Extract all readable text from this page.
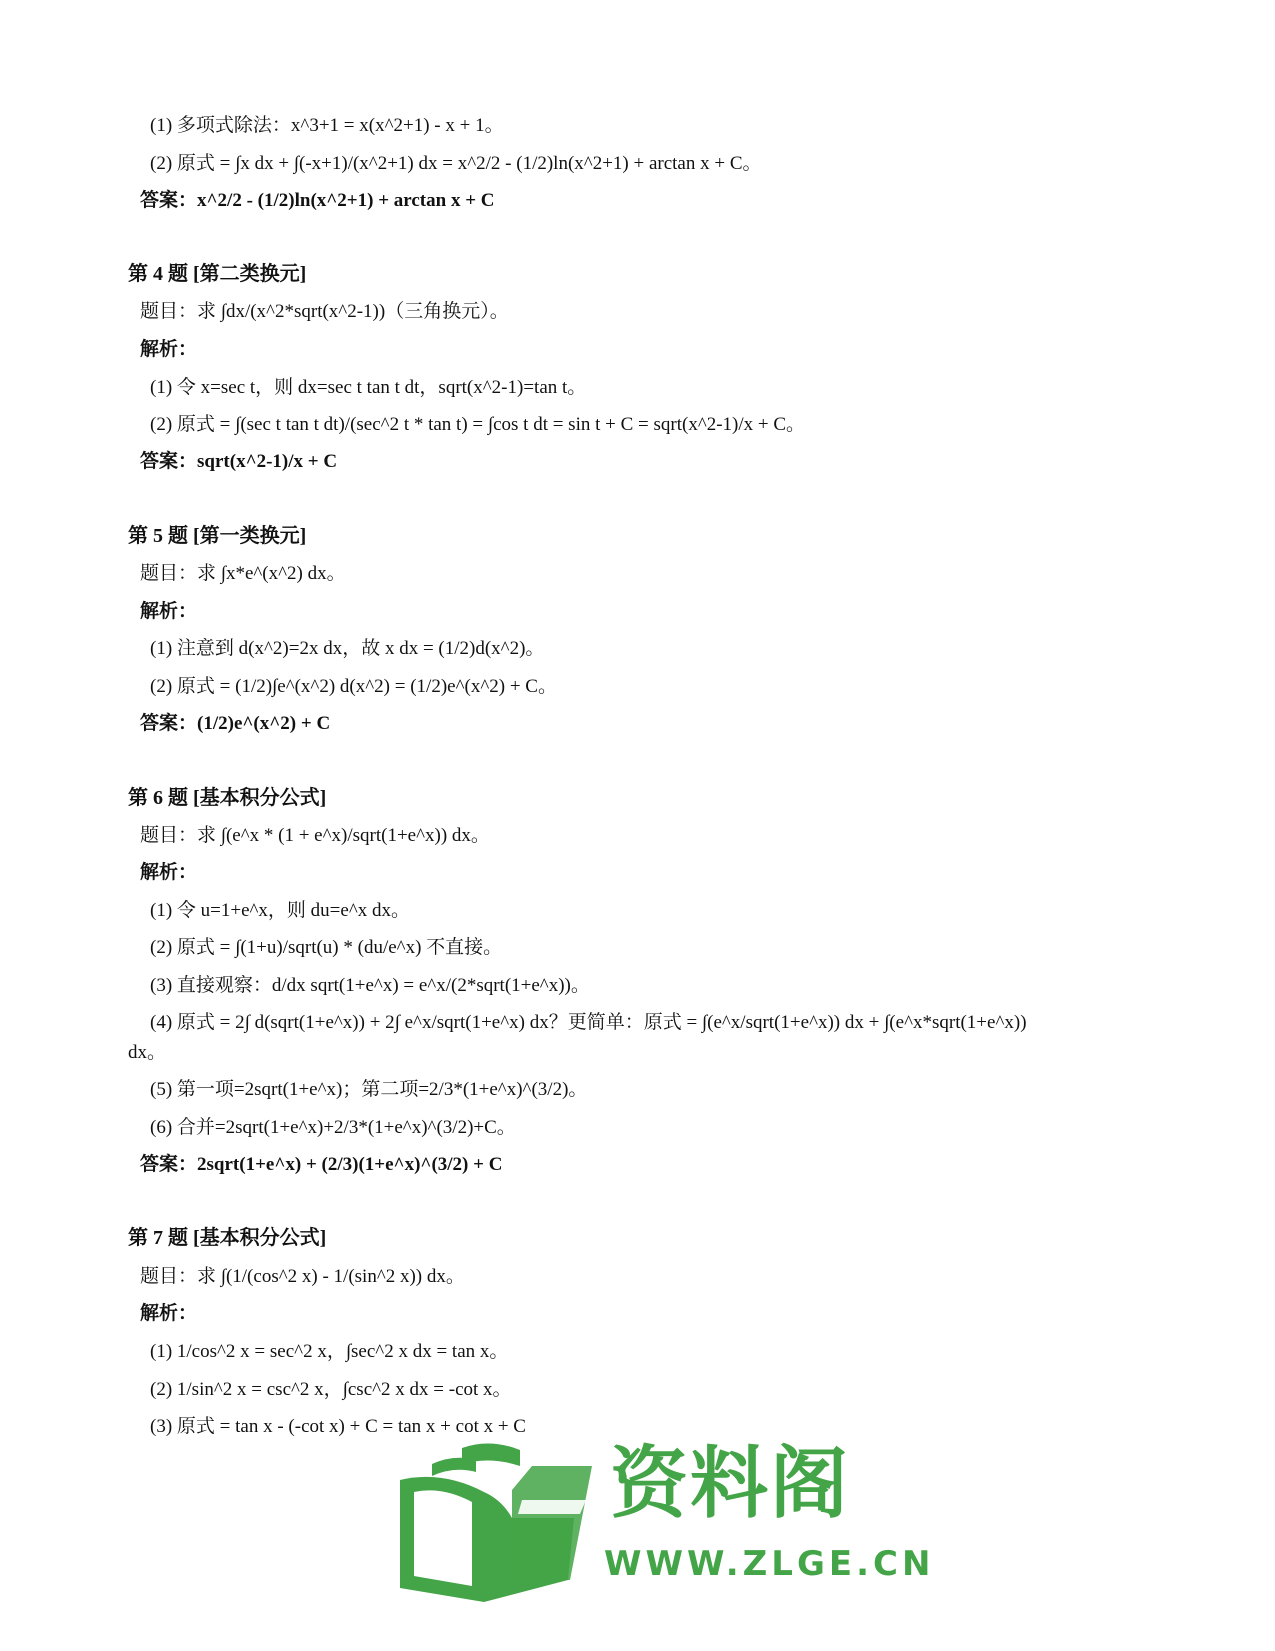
(1) 多项式除法：x^3+1 = x(x^2+1) - x + 1。
(2) 原式 = ∫x dx + ∫(-x+1)/(x^2+1) dx = x^2/2 - (1/2)ln(x^2+1) + arctan x + C。
答案：x^2/2 - (1/2)ln(x^2+1) + arctan x + C
第 4 题 [第二类换元]
题目：求 ∫dx/(x^2*sqrt(x^2-1))（三角换元）。
解析：
(1) 令 x=sec t，则 dx=sec t tan t dt，sqrt(x^2-1)=tan t。
(2) 原式 = ∫(sec t tan t dt)/(sec^2 t * tan t) = ∫cos t dt = sin t + C = sqrt(x^2-1)/x + C。
答案：sqrt(x^2-1)/x + C
第 5 题 [第一类换元]
题目：求 ∫x*e^(x^2) dx。
解析：
(1) 注意到 d(x^2)=2x dx，故 x dx = (1/2)d(x^2)。
(2) 原式 = (1/2)∫e^(x^2) d(x^2) = (1/2)e^(x^2) + C。
答案：(1/2)e^(x^2) + C
第 6 题 [基本积分公式]
题目：求 ∫(e^x * (1 + e^x)/sqrt(1+e^x)) dx。
解析：
(1) 令 u=1+e^x，则 du=e^x dx。
(2) 原式 = ∫(1+u)/sqrt(u) * (du/e^x) 不直接。
(3) 直接观察：d/dx sqrt(1+e^x) = e^x/(2*sqrt(1+e^x))。
(4) 原式 = 2∫ d(sqrt(1+e^x)) + 2∫ e^x/sqrt(1+e^x) dx？更简单：原式 = ∫(e^x/sqrt(1+e^x)) dx + ∫(e^x*sqrt(1+e^x))
dx。
(5) 第一项=2sqrt(1+e^x)；第二项=2/3*(1+e^x)^(3/2)。
(6) 合并=2sqrt(1+e^x)+2/3*(1+e^x)^(3/2)+C。
答案：2sqrt(1+e^x) + (2/3)(1+e^x)^(3/2) + C
第 7 题 [基本积分公式]
题目：求 ∫(1/(cos^2 x) - 1/(sin^2 x)) dx。
解析：
(1) 1/cos^2 x = sec^2 x，∫sec^2 x dx = tan x。
(2) 1/sin^2 x = csc^2 x，∫csc^2 x dx = -cot x。
(3) 原式 = tan x - (-cot x) + C = tan x + cot x + C
资料阁
WWW.ZLGE.CN
